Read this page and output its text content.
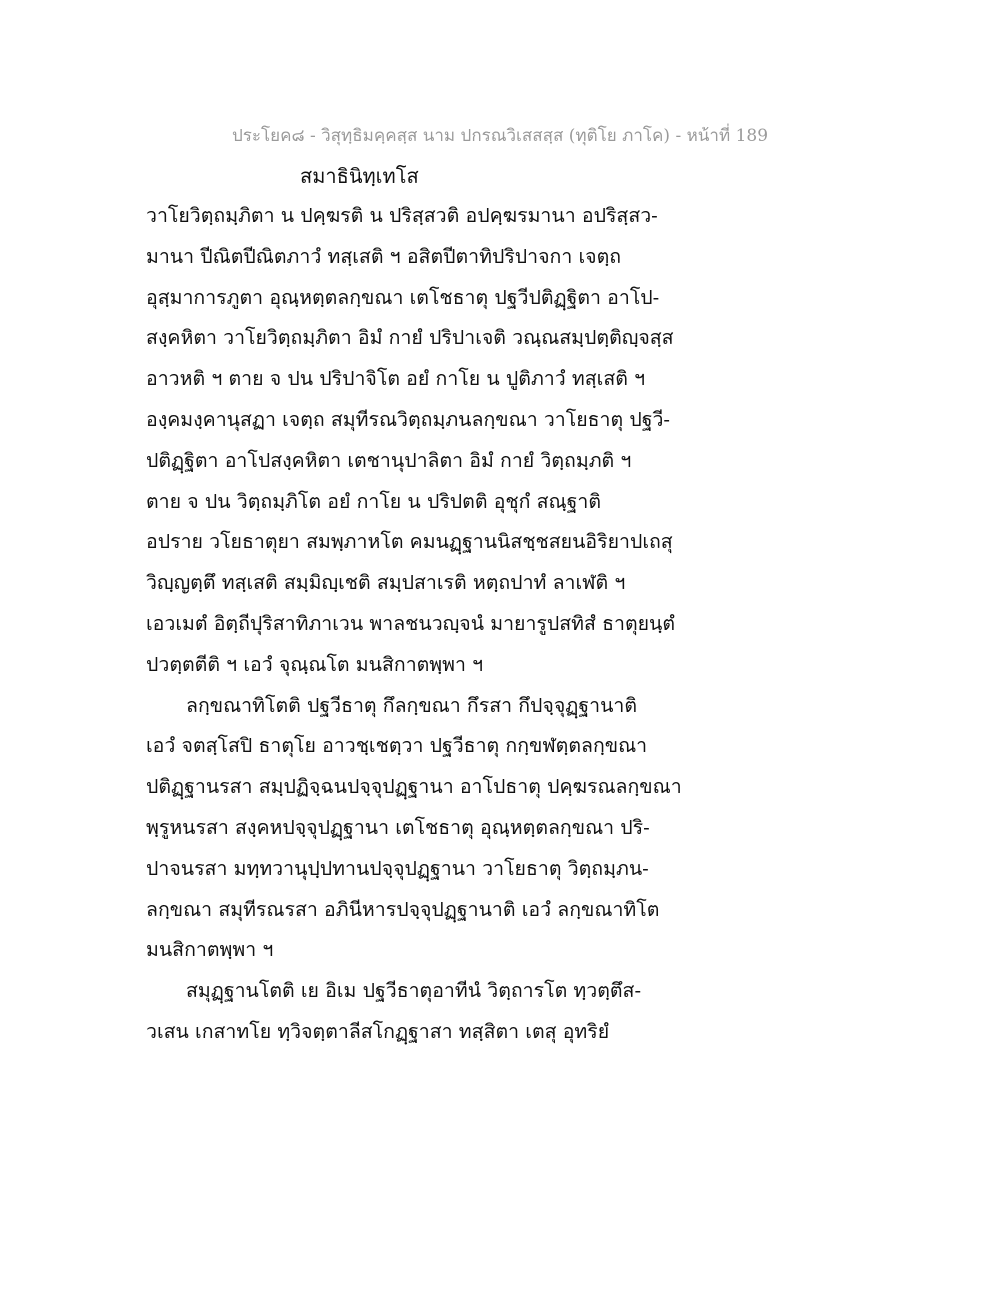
ประโยค๘ - วิสุทฺธิมคฺคสฺส นาม ปกรณวิเสสสฺส (ทุติโย ภาโค) - หน้าที่ 189
สมาธินิทฺเทโส
วาโยวิตฺถมฺภิตา น ปคฺฆรติ น ปริสฺสวติ อปคฺฆรมานา อปริสฺสว-
มานา ปีณิตปีณิตภาวํ ทสฺเสติ ฯ อสิตปีตาทิปริปาจกา เจตฺถ
อุสฺมาการภูตา อุณฺหตฺตลกฺขณา เตโชธาตุ ปฐวีปติฏฺฐิตา อาโป-
สงฺคหิตา วาโยวิตฺถมฺภิตา อิมํ กายํ ปริปาเจติ วณฺณสมฺปตฺติญฺจสฺส
อาวหติ ฯ ตาย จ ปน ปริปาจิโต อยํ กาโย น ปูติภาวํ ทสฺเสติ ฯ
องฺคมงฺคานุสฏา เจตฺถ สมุทีรณวิตฺถมฺภนลกฺขณา วาโยธาตุ ปฐวี-
ปติฏฺฐิตา อาโปสงฺคหิตา เตชานุปาลิตา อิมํ กายํ วิตฺถมฺภติ ฯ
ตาย จ ปน วิตฺถมฺภิโต อยํ กาโย น ปริปตติ อุชุกํ สณฺฐาติ
อปราย วโยธาตุยา สมพฺภาหโต คมนฏฺฐานนิสชฺชสยนอิริยาปเถสุ
วิญฺญตฺตึ ทสฺเสติ สมฺมิญฺเชติ สมฺปสาเรติ หตฺถปาทํ ลาเฬติ ฯ
เอวเมตํ อิตฺถีปุริสาทิภาเวน พาลชนวญฺจนํ มายารูปสทิสํ ธาตุยนฺตํ
ปวตฺตตีติ ฯ เอวํ จุณฺณโต มนสิกาตพฺพา ฯ
ลกฺขณาทิโตติ ปฐวีธาตุ กึลกฺขณา กึรสา กึปจฺจุฏฺฐานาติ
เอวํ จตสฺโสปิ ธาตุโย อาวชฺเชตฺวา ปฐวีธาตุ กกฺขฬตฺตลกฺขณา
ปติฏฺฐานรสา สมฺปฏิจฺฉนปจฺจุปฏฺฐานา อาโปธาตุ ปคฺฆรณลกฺขณา
พฺรูหนรสา สงฺคหปจฺจุปฏฺฐานา เตโชธาตุ อุณฺหตฺตลกฺขณา ปริ-
ปาจนรสา มทฺทวานุปฺปทานปจฺจุปฏฺฐานา วาโยธาตุ วิตฺถมฺภน-
ลกฺขณา สมุทีรณรสา อภินีหารปจฺจุปฏฺฐานาติ เอวํ ลกฺขณาทิโต
มนสิกาตพฺพา ฯ
สมุฏฺฐานโตติ เย อิเม ปฐวีธาตุอาทีนํ วิตฺถารโต ทฺวตฺตึส-
วเสน เกสาทโย ทฺวิจตฺตาลีสโกฏฺฐาสา ทสฺสิตา เตสุ อุทริยํ
